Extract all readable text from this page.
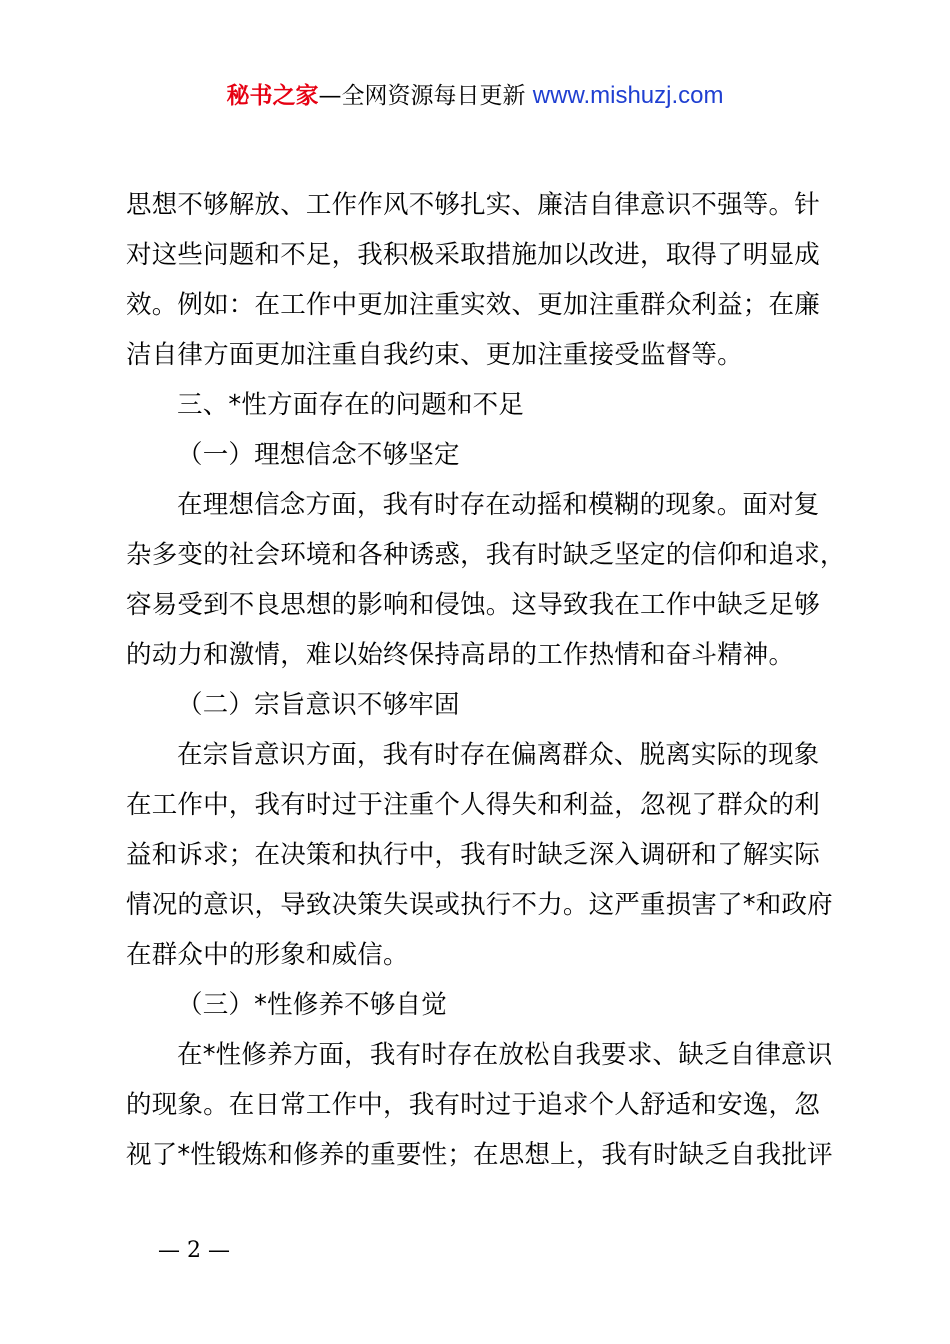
秘书之家—全网资源每日更新 www.mishuzj.com
思想不够解放、工作作风不够扎实、廉洁自律意识不强等。针
对这些问题和不足，我积极采取措施加以改进，取得了明显成
效。例如：在工作中更加注重实效、更加注重群众利益；在廉
洁自律方面更加注重自我约束、更加注重接受监督等。
三、*性方面存在的问题和不足
（一）理想信念不够坚定
在理想信念方面，我有时存在动摇和模糊的现象。面对复
杂多变的社会环境和各种诱惑，我有时缺乏坚定的信仰和追求，
容易受到不良思想的影响和侵蚀。这导致我在工作中缺乏足够
的动力和激情，难以始终保持高昂的工作热情和奋斗精神。
（二）宗旨意识不够牢固
在宗旨意识方面，我有时存在偏离群众、脱离实际的现象
在工作中，我有时过于注重个人得失和利益，忽视了群众的利
益和诉求；在决策和执行中，我有时缺乏深入调研和了解实际
情况的意识，导致决策失误或执行不力。这严重损害了*和政府
在群众中的形象和威信。
（三）*性修养不够自觉
在*性修养方面，我有时存在放松自我要求、缺乏自律意识
的现象。在日常工作中，我有时过于追求个人舒适和安逸，忽
视了*性锻炼和修养的重要性；在思想上，我有时缺乏自我批评
— 2 —
